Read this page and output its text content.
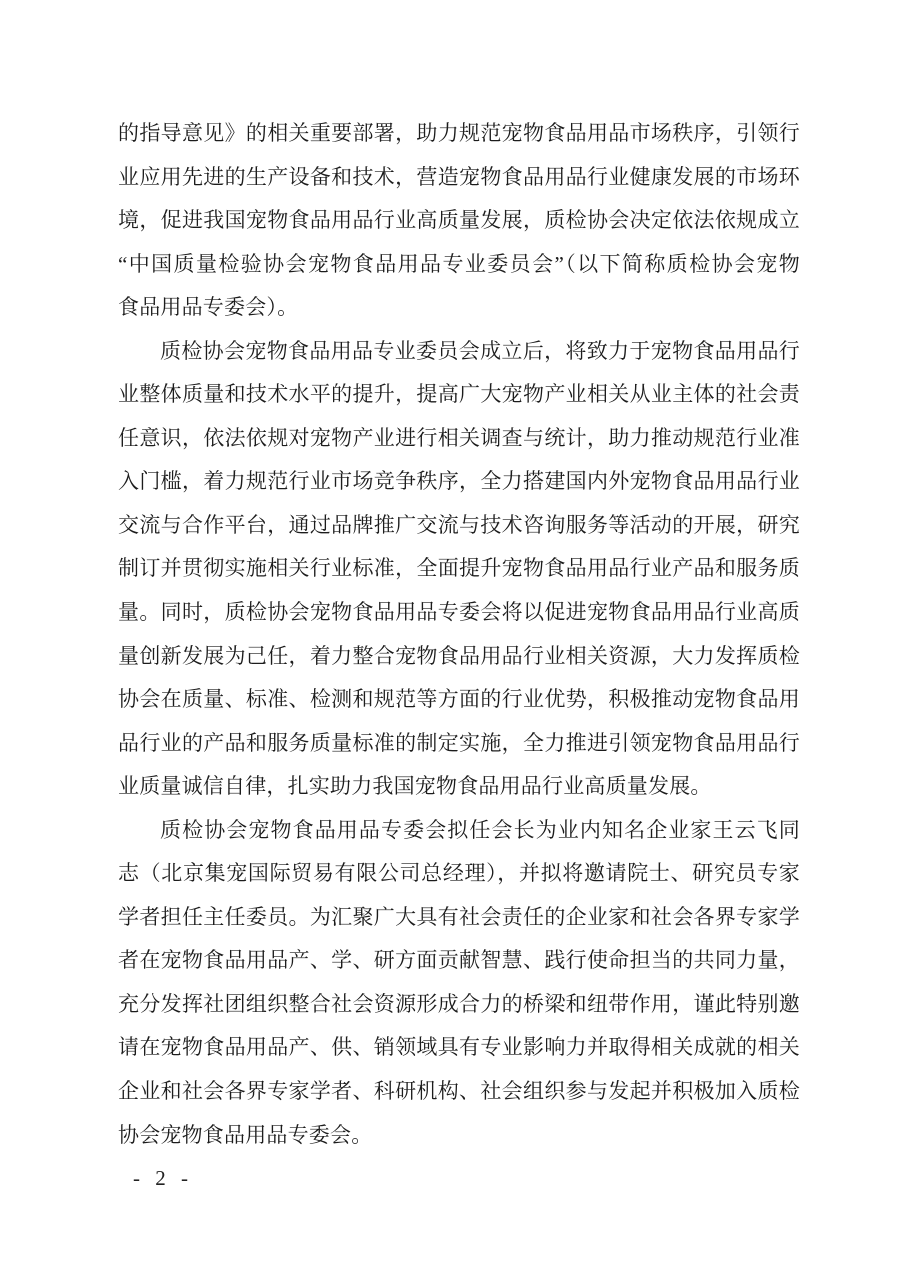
的指导意见》的相关重要部署，助力规范宠物食品用品市场秩序，引领行
业应用先进的生产设备和技术，营造宠物食品用品行业健康发展的市场环
境，促进我国宠物食品用品行业高质量发展，质检协会决定依法依规成立
“中国质量检验协会宠物食品用品专业委员会”（以下简称质检协会宠物
食品用品专委会）。
质检协会宠物食品用品专业委员会成立后，将致力于宠物食品用品行
业整体质量和技术水平的提升，提高广大宠物产业相关从业主体的社会责
任意识，依法依规对宠物产业进行相关调查与统计，助力推动规范行业准
入门槛，着力规范行业市场竞争秩序，全力搭建国内外宠物食品用品行业
交流与合作平台，通过品牌推广交流与技术咨询服务等活动的开展，研究
制订并贯彻实施相关行业标准，全面提升宠物食品用品行业产品和服务质
量。同时，质检协会宠物食品用品专委会将以促进宠物食品用品行业高质
量创新发展为己任，着力整合宠物食品用品行业相关资源，大力发挥质检
协会在质量、标准、检测和规范等方面的行业优势，积极推动宠物食品用
品行业的产品和服务质量标准的制定实施，全力推进引领宠物食品用品行
业质量诚信自律，扎实助力我国宠物食品用品行业高质量发展。
质检协会宠物食品用品专委会拟任会长为业内知名企业家王云飞同
志（北京集宠国际贸易有限公司总经理），并拟将邀请院士、研究员专家
学者担任主任委员。为汇聚广大具有社会责任的企业家和社会各界专家学
者在宠物食品用品产、学、研方面贡献智慧、践行使命担当的共同力量，
充分发挥社团组织整合社会资源形成合力的桥梁和纽带作用，谨此特别邀
请在宠物食品用品产、供、销领域具有专业影响力并取得相关成就的相关
企业和社会各界专家学者、科研机构、社会组织参与发起并积极加入质检
协会宠物食品用品专委会。
- 2 -
